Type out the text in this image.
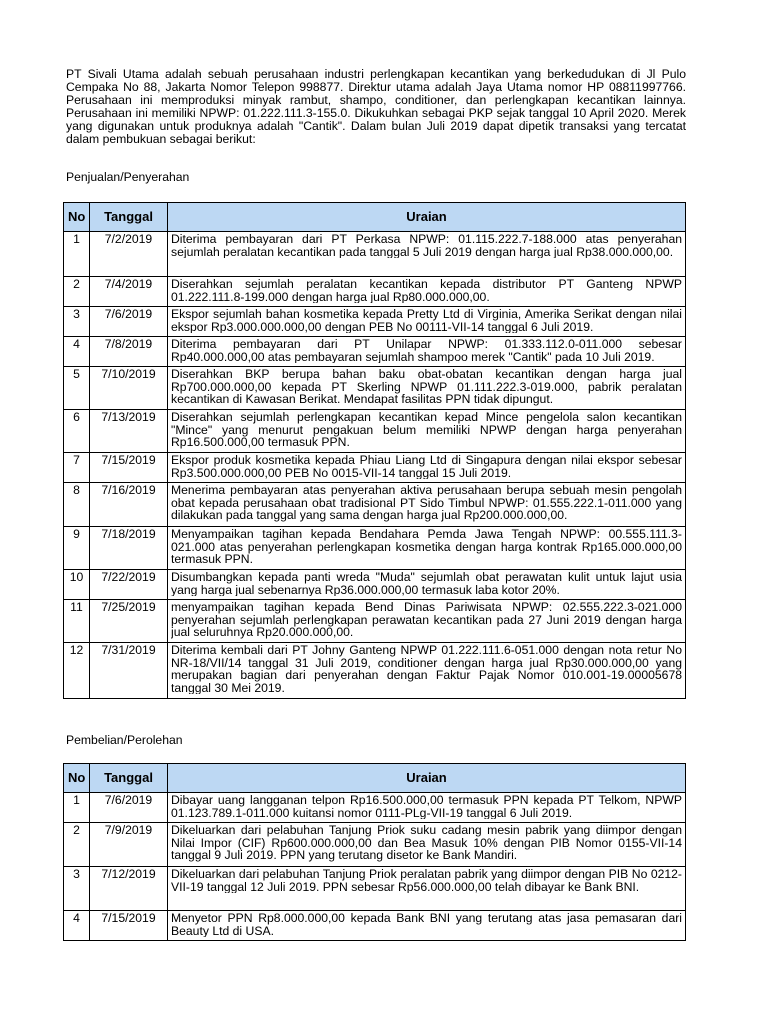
PT Sivali Utama adalah sebuah perusahaan industri perlengkapan kecantikan yang berkedudukan di Jl Pulo Cempaka No 88, Jakarta Nomor Telepon 998877. Direktur utama adalah Jaya Utama nomor HP 08811997766. Perusahaan ini memproduksi minyak rambut, shampo, conditioner, dan perlengkapan kecantikan lainnya. Perusahaan ini memiliki NPWP: 01.222.111.3-155.0. Dikukuhkan sebagai PKP sejak tanggal 10 April 2020. Merek yang digunakan untuk produknya adalah "Cantik". Dalam bulan Juli 2019 dapat dipetik transaksi yang tercatat dalam pembukuan sebagai berikut:

Penjualan/Penyerahan

No	Tanggal	Uraian
1	7/2/2019	Diterima pembayaran dari PT Perkasa NPWP: 01.115.222.7-188.000 atas penyerahan sejumlah peralatan kecantikan pada tanggal 5 Juli 2019 dengan harga jual Rp38.000.000,00.

2	7/4/2019	Diserahkan sejumlah peralatan kecantikan kepada distributor PT Ganteng NPWP 01.222.111.8-199.000 dengan harga jual Rp80.000.000,00.

3	7/6/2019	Ekspor sejumlah bahan kosmetika kepada Pretty Ltd di Virginia, Amerika Serikat dengan nilai ekspor Rp3.000.000.000,00 dengan PEB No 00111-VII-14 tanggal 6 Juli 2019.

4	7/8/2019	Diterima pembayaran dari PT Unilapar NPWP: 01.333.112.0-011.000 sebesar Rp40.000.000,00 atas pembayaran sejumlah shampoo merek "Cantik" pada 10 Juli 2019.

5	7/10/2019	Diserahkan BKP berupa bahan baku obat-obatan kecantikan dengan harga jual Rp700.000.000,00 kepada PT Skerling NPWP 01.111.222.3-019.000, pabrik peralatan kecantikan di Kawasan Berikat. Mendapat fasilitas PPN tidak dipungut.

6	7/13/2019	Diserahkan sejumlah perlengkapan kecantikan kepad Mince pengelola salon kecantikan "Mince" yang menurut pengakuan belum memiliki NPWP dengan harga penyerahan Rp16.500.000,00 termasuk PPN.

7	7/15/2019	Ekspor produk kosmetika kepada Phiau Liang Ltd di Singapura dengan nilai ekspor sebesar Rp3.500.000.000,00 PEB No 0015-VII-14 tanggal 15 Juli 2019.

8	7/16/2019	Menerima pembayaran atas penyerahan aktiva perusahaan berupa sebuah mesin pengolah obat kepada perusahaan obat tradisional PT Sido Timbul NPWP: 01.555.222.1-011.000 yang dilakukan pada tanggal yang sama dengan harga jual Rp200.000.000,00.

9	7/18/2019	Menyampaikan tagihan kepada Bendahara Pemda Jawa Tengah NPWP: 00.555.111.3-021.000 atas penyerahan perlengkapan kosmetika dengan harga kontrak Rp165.000.000,00 termasuk PPN.

10	7/22/2019	Disumbangkan kepada panti wreda "Muda" sejumlah obat perawatan kulit untuk lajut usia yang harga jual sebenarnya Rp36.000.000,00 termasuk laba kotor 20%.

11	7/25/2019	menyampaikan tagihan kepada Bend Dinas Pariwisata NPWP: 02.555.222.3-021.000 penyerahan sejumlah perlengkapan perawatan kecantikan pada 27 Juni 2019 dengan harga jual seluruhnya Rp20.000.000,00.

12	7/31/2019	Diterima kembali dari PT Johny Ganteng NPWP 01.222.111.6-051.000 dengan nota retur No NR-18/VII/14 tanggal 31 Juli 2019, conditioner dengan harga jual Rp30.000.000,00 yang merupakan bagian dari penyerahan dengan Faktur Pajak Nomor 010.001-19.00005678 tanggal 30 Mei 2019.

Pembelian/Perolehan

No	Tanggal	Uraian
1	7/6/2019	Dibayar uang langganan telpon Rp16.500.000,00 termasuk PPN kepada PT Telkom, NPWP 01.123.789.1-011.000 kuitansi nomor 0111-PLg-VII-19 tanggal 6 Juli 2019.

2	7/9/2019	Dikeluarkan dari pelabuhan Tanjung Priok suku cadang mesin pabrik yang diimpor dengan Nilai Impor (CIF) Rp600.000.000,00 dan Bea Masuk 10% dengan PIB Nomor 0155-VII-14 tanggal 9 Juli 2019. PPN yang terutang disetor ke Bank Mandiri.

3	7/12/2019	Dikeluarkan dari pelabuhan Tanjung Priok peralatan pabrik yang diimpor dengan PIB No 0212-VII-19 tanggal 12 Juli 2019. PPN sebesar Rp56.000.000,00 telah dibayar ke Bank BNI.

4	7/15/2019	Menyetor PPN Rp8.000.000,00 kepada Bank BNI yang terutang atas jasa pemasaran dari Beauty Ltd di USA.
